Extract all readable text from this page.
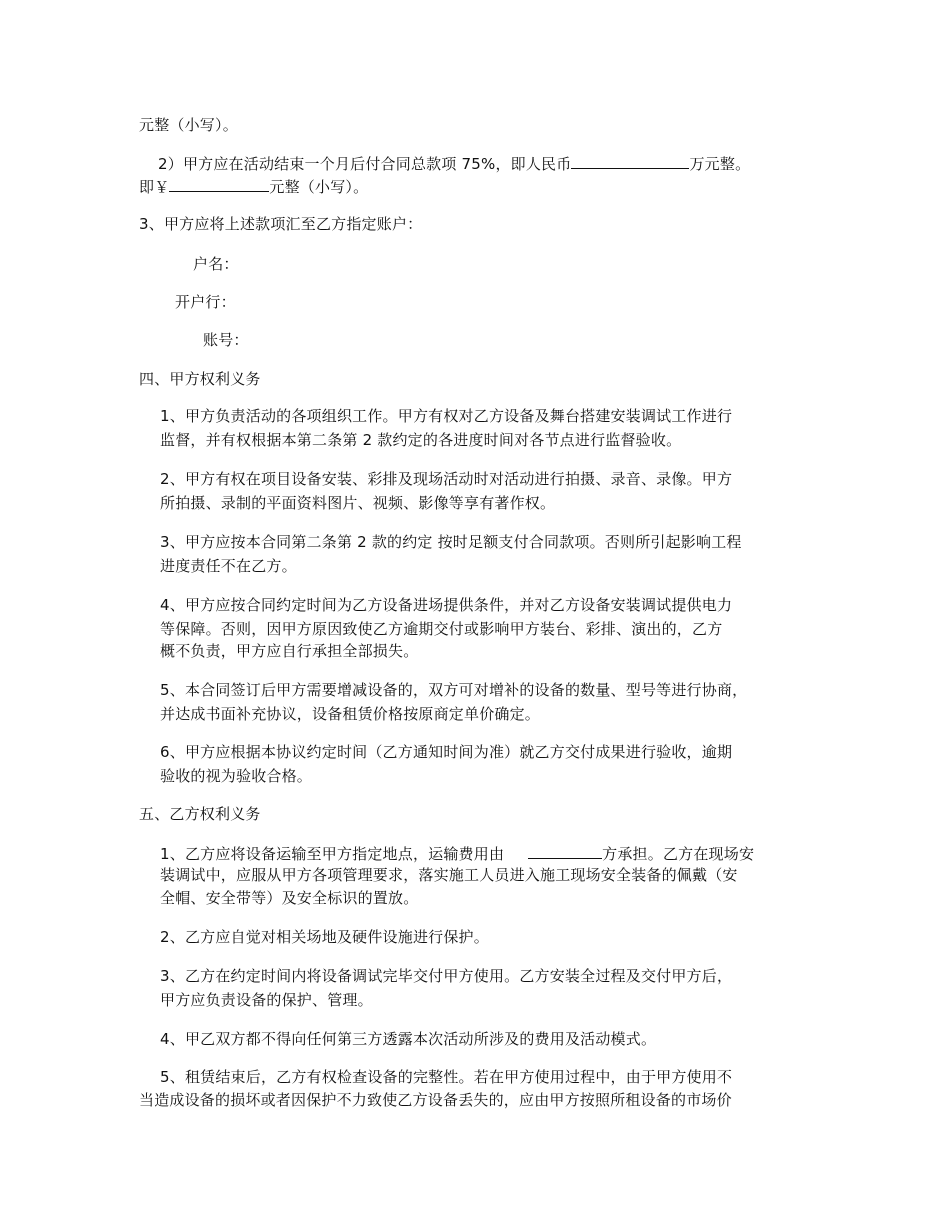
元整（小写）。
2）甲方应在活动结束一个月后付合同总款项 75%，即人民币	万元整。
即￥	元整（小写）。
3、甲方应将上述款项汇至乙方指定账户：
户名：
开户行：
账号：
四、甲方权利义务
1、甲方负责活动的各项组织工作。甲方有权对乙方设备及舞台搭建安装调试工作进行
监督，并有权根据本第二条第 2 款约定的各进度时间对各节点进行监督验收。
2、甲方有权在项目设备安装、彩排及现场活动时对活动进行拍摄、录音、录像。甲方
所拍摄、录制的平面资料图片、视频、影像等享有著作权。
3、甲方应按本合同第二条第 2 款的约定 按时足额支付合同款项。否则所引起影响工程
进度责任不在乙方。
4、甲方应按合同约定时间为乙方设备进场提供条件，并对乙方设备安装调试提供电力
等保障。否则，因甲方原因致使乙方逾期交付或影响甲方装台、彩排、演出的，乙方
概不负责，甲方应自行承担全部损失。
5、本合同签订后甲方需要增减设备的，双方可对增补的设备的数量、型号等进行协商，
并达成书面补充协议，设备租赁价格按原商定单价确定。
6、甲方应根据本协议约定时间（乙方通知时间为准）就乙方交付成果进行验收，逾期
验收的视为验收合格。
五、乙方权利义务
1、乙方应将设备运输至甲方指定地点，运输费用由	方承担。乙方在现场安
装调试中，应服从甲方各项管理要求，落实施工人员进入施工现场安全装备的佩戴（安
全帽、安全带等）及安全标识的置放。
2、乙方应自觉对相关场地及硬件设施进行保护。
3、乙方在约定时间内将设备调试完毕交付甲方使用。乙方安装全过程及交付甲方后，
甲方应负责设备的保护、管理。
4、甲乙双方都不得向任何第三方透露本次活动所涉及的费用及活动模式。
5、租赁结束后，乙方有权检查设备的完整性。若在甲方使用过程中，由于甲方使用不
当造成设备的损坏或者因保护不力致使乙方设备丢失的，应由甲方按照所租设备的市场价
